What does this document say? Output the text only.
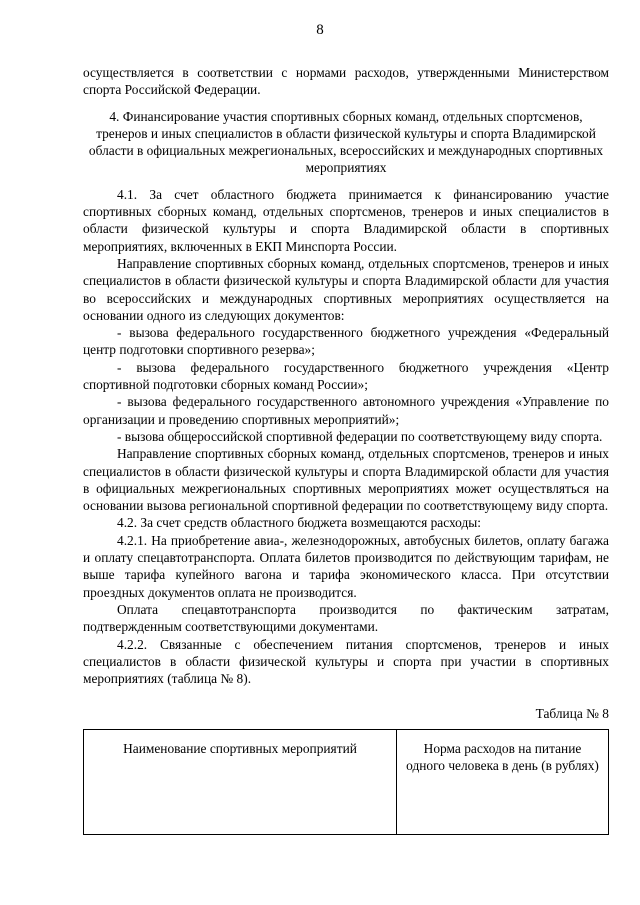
8

осуществляется в соответствии с нормами расходов, утвержденными Министерством спорта Российской Федерации.

4. Финансирование участия спортивных сборных команд, отдельных спортсменов, тренеров и иных специалистов в области физической культуры и спорта Владимирской области в официальных межрегиональных, всероссийских и международных спортивных мероприятиях

4.1. За счет областного бюджета принимается к финансированию участие спортивных сборных команд, отдельных спортсменов, тренеров и иных специалистов в области физической культуры и спорта Владимирской области в спортивных мероприятиях, включенных в ЕКП Минспорта России.

Направление спортивных сборных команд, отдельных спортсменов, тренеров и иных специалистов в области физической культуры и спорта Владимирской области для участия во всероссийских и международных спортивных мероприятиях осуществляется на основании одного из следующих документов:

- вызова федерального государственного бюджетного учреждения «Федеральный центр подготовки спортивного резерва»;

- вызова федерального государственного бюджетного учреждения «Центр спортивной подготовки сборных команд России»;

- вызова федерального государственного автономного учреждения «Управление по организации и проведению спортивных мероприятий»;

- вызова общероссийской спортивной федерации по соответствующему виду спорта.

Направление спортивных сборных команд, отдельных спортсменов, тренеров и иных специалистов в области физической культуры и спорта Владимирской области для участия в официальных межрегиональных спортивных мероприятиях может осуществляться на основании вызова региональной спортивной федерации по соответствующему виду спорта.

4.2. За счет средств областного бюджета возмещаются расходы:

4.2.1. На приобретение авиа-, железнодорожных, автобусных билетов, оплату багажа и оплату спецавтотранспорта. Оплата билетов производится по действующим тарифам, не выше тарифа купейного вагона и тарифа экономического класса. При отсутствии проездных документов оплата не производится.

Оплата спецавтотранспорта производится по фактическим затратам, подтвержденным соответствующими документами.

4.2.2. Связанные с обеспечением питания спортсменов, тренеров и иных специалистов в области физической культуры и спорта при участии в спортивных мероприятиях (таблица № 8).

Таблица № 8
Наименование спортивных мероприятий	Норма расходов на питание одного человека в день (в рублях)
